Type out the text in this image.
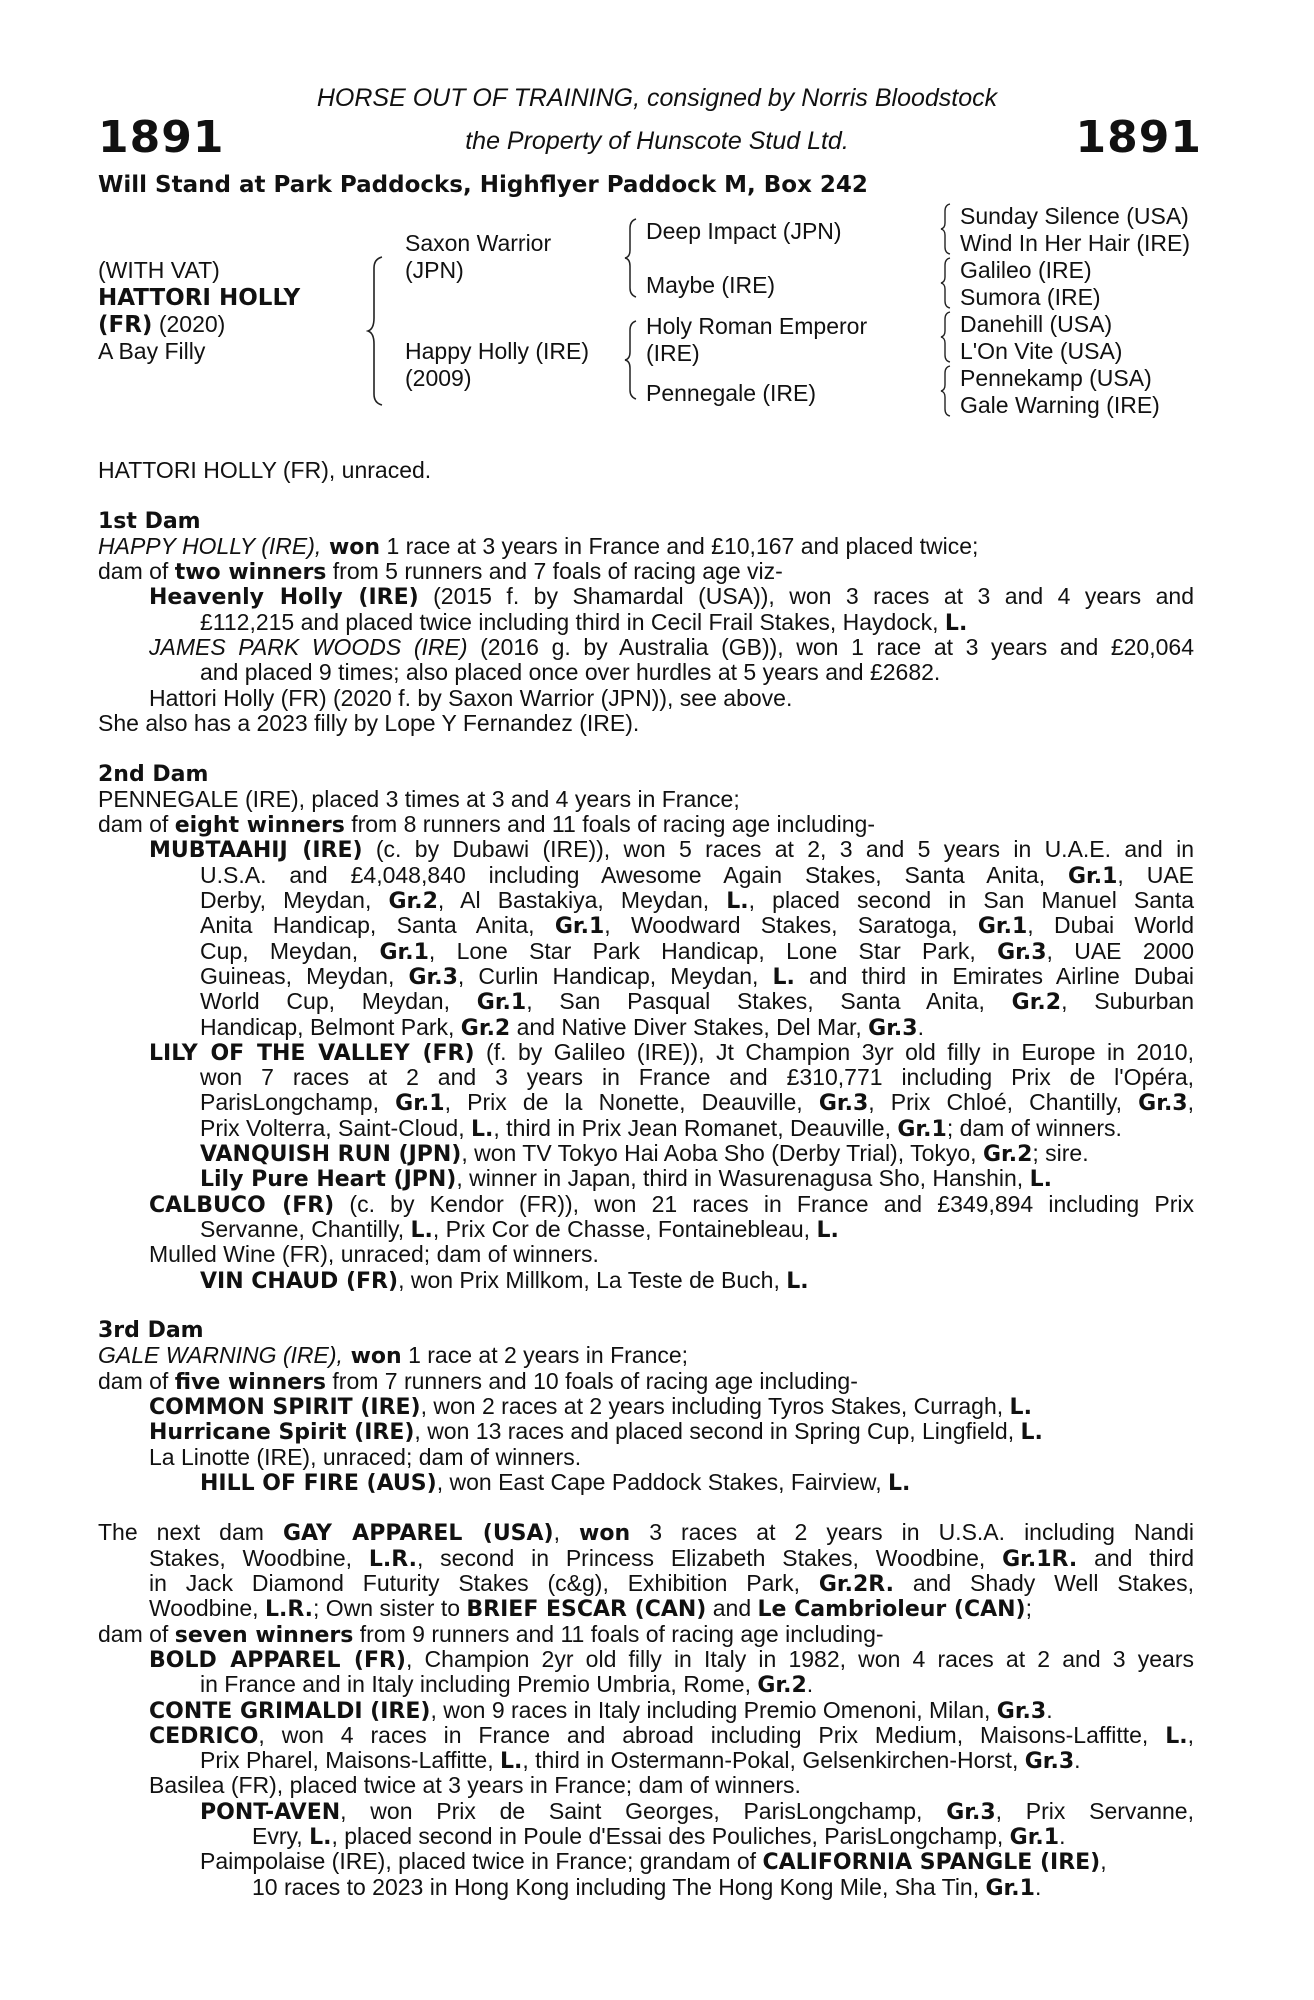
1891	1891
HORSE OUT OF TRAINING, consigned by Norris Bloodstock
the Property of Hunscote Stud Ltd.
Will Stand at Park Paddocks, Highflyer Paddock M, Box 242
(WITH VAT)
HATTORI HOLLY
(FR) (2020)
A Bay Filly
Saxon Warrior
(JPN)
Happy Holly (IRE)
(2009)
Deep Impact (JPN)
Maybe (IRE)
Holy Roman Emperor
(IRE)
Pennegale (IRE)
Sunday Silence (USA)
Wind In Her Hair (IRE)
Galileo (IRE)
Sumora (IRE)
Danehill (USA)
L'On Vite (USA)
Pennekamp (USA)
Gale Warning (IRE)
HATTORI HOLLY (FR), unraced.
1st Dam
HAPPY HOLLY (IRE), won 1 race at 3 years in France and £10,167 and placed twice;
dam of two winners from 5 runners and 7 foals of racing age viz-
Heavenly Holly (IRE) (2015 f. by Shamardal (USA)), won 3 races at 3 and 4 years and
£112,215 and placed twice including third in Cecil Frail Stakes, Haydock, L.
JAMES PARK WOODS (IRE) (2016 g. by Australia (GB)), won 1 race at 3 years and £20,064
and placed 9 times; also placed once over hurdles at 5 years and £2682.
Hattori Holly (FR) (2020 f. by Saxon Warrior (JPN)), see above.
She also has a 2023 filly by Lope Y Fernandez (IRE).
2nd Dam
PENNEGALE (IRE), placed 3 times at 3 and 4 years in France;
dam of eight winners from 8 runners and 11 foals of racing age including-
MUBTAAHIJ (IRE) (c. by Dubawi (IRE)), won 5 races at 2, 3 and 5 years in U.A.E. and in
U.S.A. and £4,048,840 including Awesome Again Stakes, Santa Anita, Gr.1, UAE
Derby, Meydan, Gr.2, Al Bastakiya, Meydan, L., placed second in San Manuel Santa
Anita Handicap, Santa Anita, Gr.1, Woodward Stakes, Saratoga, Gr.1, Dubai World
Cup, Meydan, Gr.1, Lone Star Park Handicap, Lone Star Park, Gr.3, UAE 2000
Guineas, Meydan, Gr.3, Curlin Handicap, Meydan, L. and third in Emirates Airline Dubai
World Cup, Meydan, Gr.1, San Pasqual Stakes, Santa Anita, Gr.2, Suburban
Handicap, Belmont Park, Gr.2 and Native Diver Stakes, Del Mar, Gr.3.
LILY OF THE VALLEY (FR) (f. by Galileo (IRE)), Jt Champion 3yr old filly in Europe in 2010,
won 7 races at 2 and 3 years in France and £310,771 including Prix de l'Opéra,
ParisLongchamp, Gr.1, Prix de la Nonette, Deauville, Gr.3, Prix Chloé, Chantilly, Gr.3,
Prix Volterra, Saint-Cloud, L., third in Prix Jean Romanet, Deauville, Gr.1; dam of winners.
VANQUISH RUN (JPN), won TV Tokyo Hai Aoba Sho (Derby Trial), Tokyo, Gr.2; sire.
Lily Pure Heart (JPN), winner in Japan, third in Wasurenagusa Sho, Hanshin, L.
CALBUCO (FR) (c. by Kendor (FR)), won 21 races in France and £349,894 including Prix
Servanne, Chantilly, L., Prix Cor de Chasse, Fontainebleau, L.
Mulled Wine (FR), unraced; dam of winners.
VIN CHAUD (FR), won Prix Millkom, La Teste de Buch, L.
3rd Dam
GALE WARNING (IRE), won 1 race at 2 years in France;
dam of five winners from 7 runners and 10 foals of racing age including-
COMMON SPIRIT (IRE), won 2 races at 2 years including Tyros Stakes, Curragh, L.
Hurricane Spirit (IRE), won 13 races and placed second in Spring Cup, Lingfield, L.
La Linotte (IRE), unraced; dam of winners.
HILL OF FIRE (AUS), won East Cape Paddock Stakes, Fairview, L.
The next dam GAY APPAREL (USA), won 3 races at 2 years in U.S.A. including Nandi
Stakes, Woodbine, L.R., second in Princess Elizabeth Stakes, Woodbine, Gr.1R. and third
in Jack Diamond Futurity Stakes (c&g), Exhibition Park, Gr.2R. and Shady Well Stakes,
Woodbine, L.R.; Own sister to BRIEF ESCAR (CAN) and Le Cambrioleur (CAN);
dam of seven winners from 9 runners and 11 foals of racing age including-
BOLD APPAREL (FR), Champion 2yr old filly in Italy in 1982, won 4 races at 2 and 3 years
in France and in Italy including Premio Umbria, Rome, Gr.2.
CONTE GRIMALDI (IRE), won 9 races in Italy including Premio Omenoni, Milan, Gr.3.
CEDRICO, won 4 races in France and abroad including Prix Medium, Maisons-Laffitte, L.,
Prix Pharel, Maisons-Laffitte, L., third in Ostermann-Pokal, Gelsenkirchen-Horst, Gr.3.
Basilea (FR), placed twice at 3 years in France; dam of winners.
PONT-AVEN, won Prix de Saint Georges, ParisLongchamp, Gr.3, Prix Servanne,
Evry, L., placed second in Poule d'Essai des Pouliches, ParisLongchamp, Gr.1.
Paimpolaise (IRE), placed twice in France; grandam of CALIFORNIA SPANGLE (IRE),
10 races to 2023 in Hong Kong including The Hong Kong Mile, Sha Tin, Gr.1.
